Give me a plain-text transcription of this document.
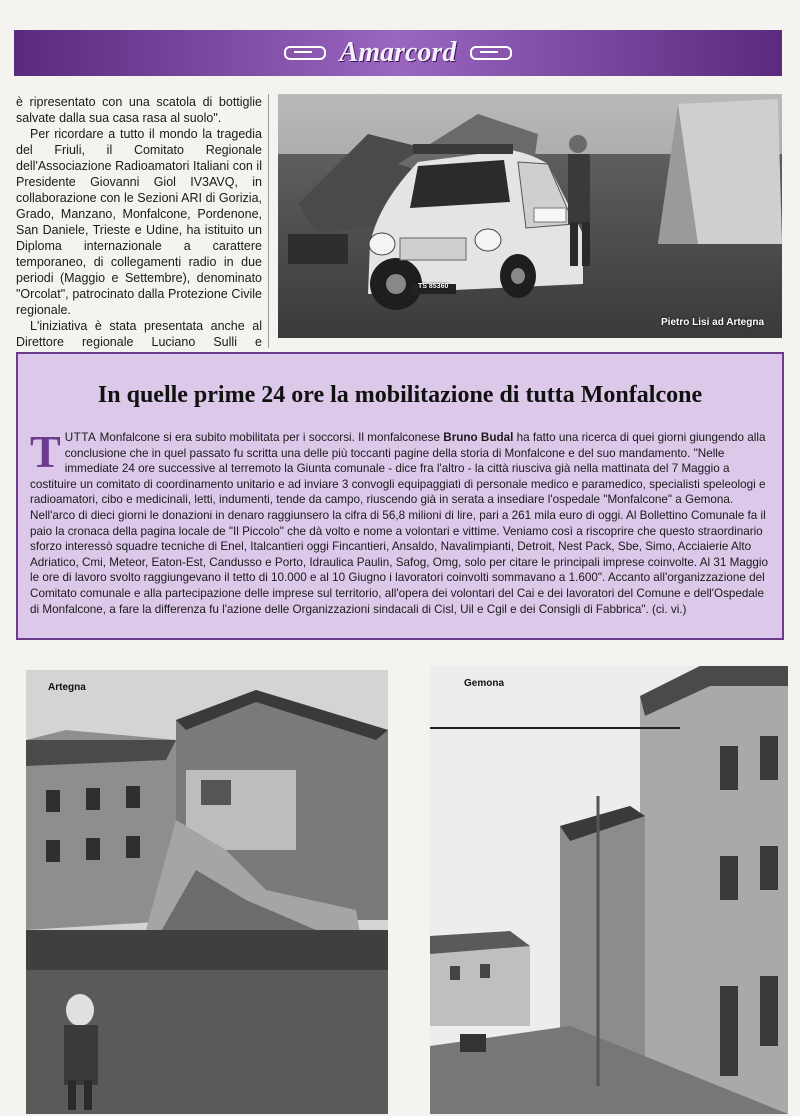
Amarcord

è ripresentato con una scatola di bottiglie salvate dalla sua casa rasa al suolo".

Per ricordare a tutto il mondo la tragedia del Friuli, il Comitato Regionale dell'Associazione Radioamatori Italiani con il Presidente Giovanni Giol IV3AVQ, in collaborazione con le Sezioni ARI di Gorizia, Grado, Manzano, Monfalcone, Pordenone, San Daniele, Trieste e Udine, ha istituito un Diploma internazionale a carattere temporaneo, di collegamenti radio in due periodi (Maggio e Settembre), denominato "Orcolat", patrocinato dalla Protezione Civile regionale.

L'iniziativa è stata presentata anche al Direttore regionale Luciano Sulli e

Pietro Lisi ad Artegna
TS 85360
In quelle prime 24 ore la mobilitazione di tutta Monfalcone
TUTTA Monfalcone si era subito mobilitata per i soccorsi. Il monfalconese Bruno Budal ha fatto una ricerca di quei giorni giungendo alla conclusione che in quel passato fu scritta una delle più toccanti pagine della storia di Monfalcone e del suo mandamento. "Nelle immediate 24 ore successive al terremoto la Giunta comunale - dice fra l'altro - la città riusciva già nella mattinata del 7 Maggio a costituire un comitato di coordinamento unitario e ad inviare 3 convogli equipaggiati di personale medico e paramedico, specialisti speleologi e radioamatori, cibo e medicinali, letti, indumenti, tende da campo, riuscendo già in serata a insediare l'ospedale "Monfalcone" a Gemona. Nell'arco di dieci giorni le donazioni in denaro raggiunsero la cifra di 56,8 milioni di lire, pari a 261 mila euro di oggi. Al Bollettino Comunale fa il paio la cronaca della pagina locale de "Il Piccolo" che dà volto e nome a volontari e vittime. Veniamo così a riscoprire che questo straordinario sforzo interessò squadre tecniche di Enel, Italcantieri oggi Fincantieri, Ansaldo, Navalimpianti, Detroit, Nest Pack, Sbe, Simo, Acciaierie Alto Adriatico, Cmi, Meteor, Eaton-Est, Candusso e Porto, Idraulica Paulin, Safog, Omg, solo per citare le principali imprese coinvolte. Al 31 Maggio le ore di lavoro svolto raggiungevano il tetto di 10.000 e al 10 Giugno i lavoratori coinvolti sommavano a 1.600". Accanto all'organizzazione del Comitato comunale e alla partecipazione delle imprese sul territorio, all'opera dei volontari del Cai e dei lavoratori del Comune e dell'Ospedale di Monfalcone, a fare la differenza fu l'azione delle Organizzazioni sindacali di Cisl, Uil e Cgil e dei Consigli di Fabbrica". (ci. vi.)
Artegna	Gemona
